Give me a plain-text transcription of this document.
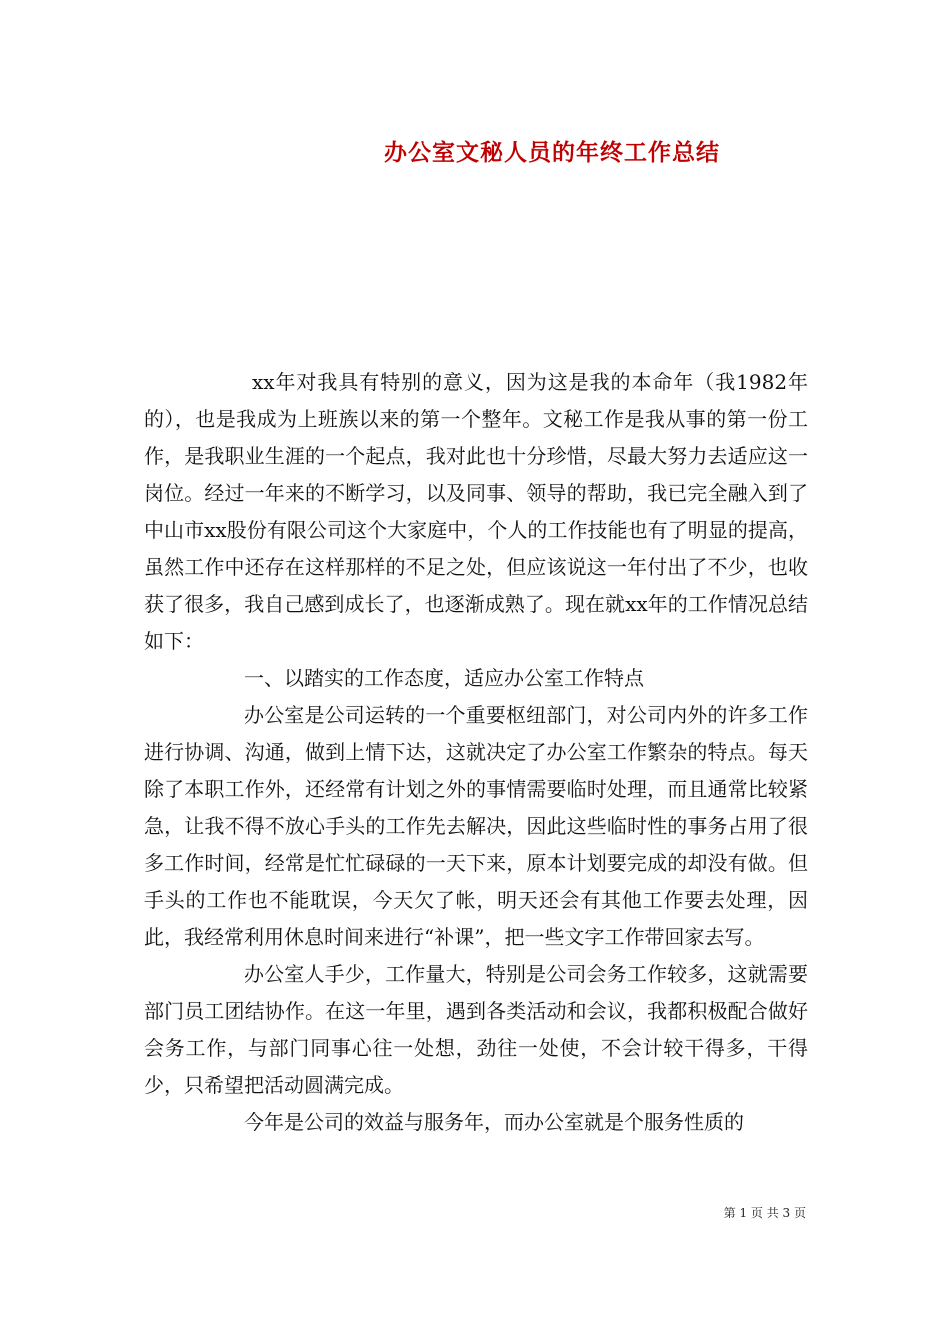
办公室文秘人员的年终工作总结

xx年对我具有特别的意义，因为这是我的本命年（我1982年的），也是我成为上班族以来的第一个整年。文秘工作是我从事的第一份工作，是我职业生涯的一个起点，我对此也十分珍惜，尽最大努力去适应这一岗位。经过一年来的不断学习，以及同事、领导的帮助，我已完全融入到了中山市xx股份有限公司这个大家庭中，个人的工作技能也有了明显的提高，虽然工作中还存在这样那样的不足之处，但应该说这一年付出了不少，也收获了很多，我自己感到成长了，也逐渐成熟了。现在就xx年的工作情况总结如下：

一、以踏实的工作态度，适应办公室工作特点

办公室是公司运转的一个重要枢纽部门，对公司内外的许多工作进行协调、沟通，做到上情下达，这就决定了办公室工作繁杂的特点。每天除了本职工作外，还经常有计划之外的事情需要临时处理，而且通常比较紧急，让我不得不放心手头的工作先去解决，因此这些临时性的事务占用了很多工作时间，经常是忙忙碌碌的一天下来，原本计划要完成的却没有做。但手头的工作也不能耽误，今天欠了帐，明天还会有其他工作要去处理，因此，我经常利用休息时间来进行“补课”，把一些文字工作带回家去写。

办公室人手少，工作量大，特别是公司会务工作较多，这就需要部门员工团结协作。在这一年里，遇到各类活动和会议，我都积极配合做好会务工作，与部门同事心往一处想，劲往一处使，不会计较干得多，干得少，只希望把活动圆满完成。

今年是公司的效益与服务年，而办公室就是个服务性质的

第 1 页 共 3 页
